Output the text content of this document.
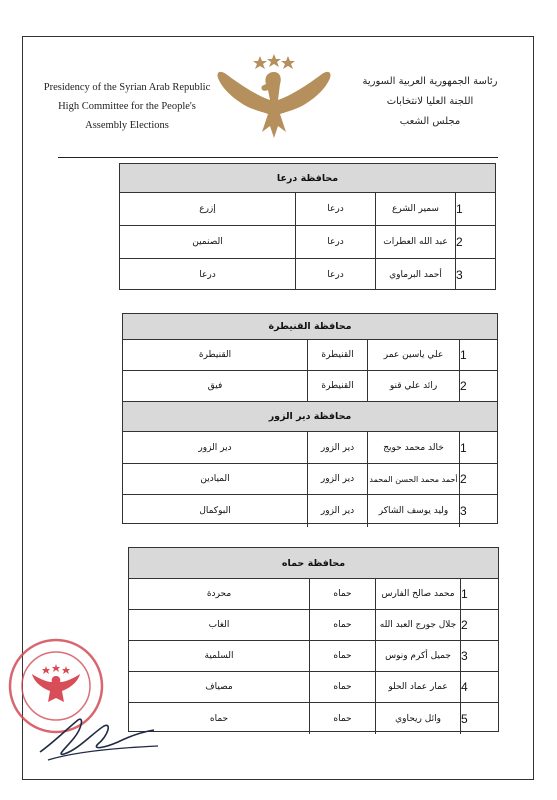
Presidency of the Syrian Arab Republic
High Committee for the People's
Assembly Elections
رئاسة الجمهورية العربية السورية
اللجنة العليا لانتخابات
مجلس الشعب
محافظة درعا
1
سمير الشرع
درعا
إزرع
2
عبد الله العطرات
درعا
الصنمين
3
أحمد البرماوي
درعا
درعا
محافظة القنيطرة
1
علي ياسين عمر
القنيطرة
القنيطرة
2
رائد علي قنو
القنيطرة
فيق
محافظة دير الزور
1
خالد محمد حويج
دير الزور
دير الزور
2
أحمد محمد الحسن المحمد
دير الزور
الميادين
3
وليد يوسف الشاكر
دير الزور
البوكمال
محافظة حماه
1
محمد صالح الفارس
حماه
محردة
2
جلال جورج العبد الله
حماه
الغاب
3
جميل أكرم ونوس
حماه
السلمية
4
عمار عماد الحلو
حماه
مصياف
5
وائل ريحاوي
حماه
حماه
